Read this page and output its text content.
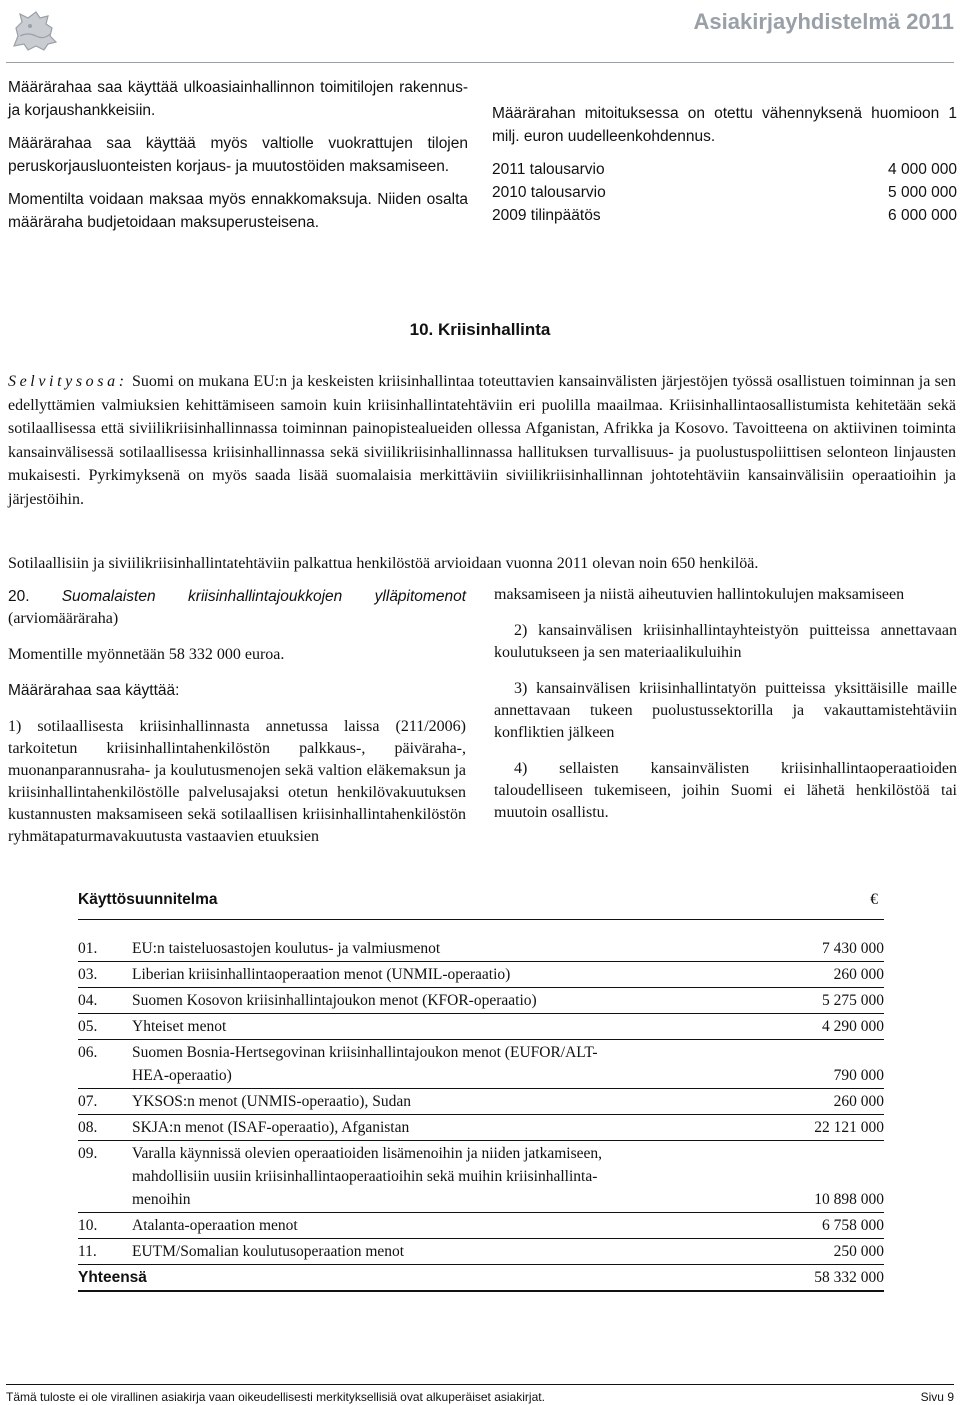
Asiakirjayhdistelmä 2011

Määrärahaa saa käyttää ulkoasiainhallinnon toimitilojen rakennus- ja korjaushankkeisiin.

Määrärahaa saa käyttää myös valtiolle vuokrattujen tilojen peruskorjausluonteisten korjaus- ja muutostöiden maksamiseen.

Momentilta voidaan maksaa myös ennakkomaksuja. Niiden osalta määräraha budjetoidaan maksuperusteisena.

Määrärahan mitoituksessa on otettu vähennyksenä huomioon 1 milj. euron uudelleenkohdennus.

2011 talousarvio	4 000 000
2010 talousarvio	5 000 000
2009 tilinpäätös	6 000 000
10. Kriisinhallinta
Selvitysosa: Suomi on mukana EU:n ja keskeisten kriisinhallintaa toteuttavien kansainvälisten järjestöjen työssä osallistuen toiminnan ja sen edellyttämien valmiuksien kehittämiseen samoin kuin kriisinhallintatehtäviin eri puolilla maailmaa. Kriisinhallintaosallistumista kehitetään sekä sotilaallisessa että siviilikriisinhallinnassa toiminnan painopistealueiden ollessa Afganistan, Afrikka ja Kosovo. Tavoitteena on aktiivinen toiminta kansainvälisessä sotilaallisessa kriisinhallinnassa sekä siviilikriisinhallinnassa hallituksen turvallisuus- ja puolustuspoliittisen selonteon linjausten mukaisesti. Pyrkimyksenä on myös saada lisää suomalaisia merkittäviin siviilikriisinhallinnan johtotehtäviin kansainvälisiin operaatioihin ja järjestöihin.
Sotilaallisiin ja siviilikriisinhallintatehtäviin palkattua henkilöstöä arvioidaan vuonna 2011 olevan noin 650 henkilöä.

20. Suomalaisten kriisinhallintajoukkojen ylläpitomenot (arviomääräraha)

Momentille myönnetään 58 332 000 euroa.

Määrärahaa saa käyttää:

1) sotilaallisesta kriisinhallinnasta annetussa laissa (211/2006) tarkoitetun kriisinhallintahenkilöstön palkkaus-, päiväraha-, muonanparannusraha- ja koulutusmenojen sekä valtion eläkemaksun ja kriisinhallintahenkilöstölle palvelusajaksi otetun henkilövakuutuksen kustannusten maksamiseen sekä sotilaallisen kriisinhallintahenkilöstön ryhmätapaturmavakuutusta vastaavien etuuksien

maksamiseen ja niistä aiheutuvien hallintokulujen maksamiseen

2) kansainvälisen kriisinhallintayhteistyön puitteissa annettavaan koulutukseen ja sen materiaalikuluihin

3) kansainvälisen kriisinhallintatyön puitteissa yksittäisille maille annettavaan tukeen puolustussektorilla ja vakauttamistehtäviin konfliktien jälkeen

4) sellaisten kansainvälisten kriisinhallintaoperaatioiden taloudelliseen tukemiseen, joihin Suomi ei lähetä henkilöstöä tai muutoin osallistu.

Käyttösuunnitelma	€
01.	EU:n taisteluosastojen koulutus- ja valmiusmenot	7 430 000
03.	Liberian kriisinhallintaoperaation menot (UNMIL-operaatio)	260 000
04.	Suomen Kosovon kriisinhallintajoukon menot (KFOR-operaatio)	5 275 000
05.	Yhteiset menot	4 290 000
06.	Suomen Bosnia-Hertsegovinan kriisinhallintajoukon menot (EUFOR/ALT-
HEA-operaatio)	790 000
07.	YKSOS:n menot (UNMIS-operaatio), Sudan	260 000
08.	SKJA:n menot (ISAF-operaatio), Afganistan	22 121 000
09.	Varalla käynnissä olevien operaatioiden lisämenoihin ja niiden jatkamiseen,
mahdollisiin uusiin kriisinhallintaoperaatioihin sekä muihin kriisinhallinta-
menoihin	10 898 000
10.	Atalanta-operaation menot	6 758 000
11.	EUTM/Somalian koulutusoperaation menot	250 000
Yhteensä	58 332 000
Tämä tuloste ei ole virallinen asiakirja vaan oikeudellisesti merkityksellisiä ovat alkuperäiset asiakirjat.	Sivu 9
